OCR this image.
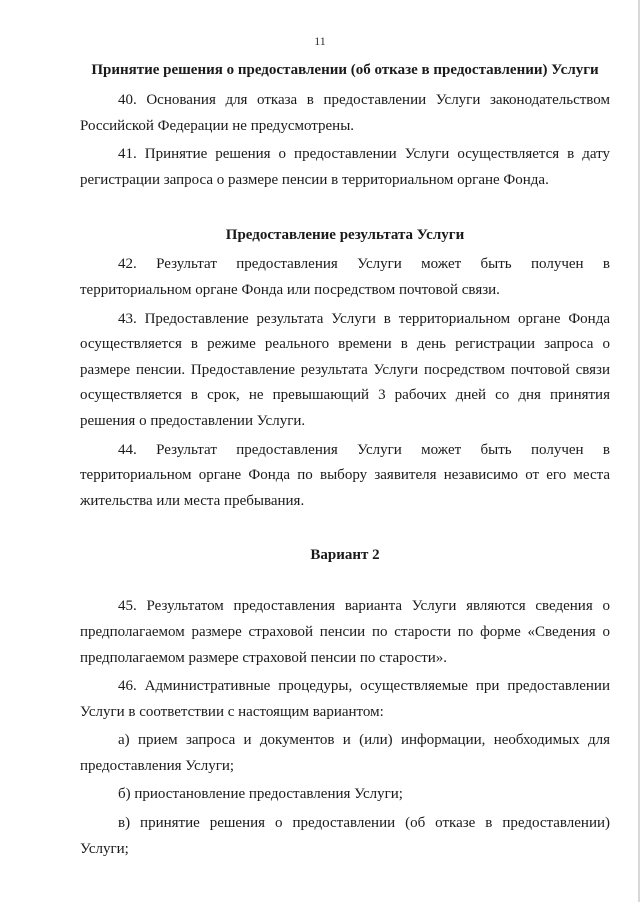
11
Принятие решения о предоставлении (об отказе в предоставлении) Услуги

40. Основания для отказа в предоставлении Услуги законодательством Российской Федерации не предусмотрены.

41. Принятие решения о предоставлении Услуги осуществляется в дату регистрации запроса о размере пенсии в территориальном органе Фонда.

Предоставление результата Услуги

42. Результат предоставления Услуги может быть получен в территориальном органе Фонда или посредством почтовой связи.

43. Предоставление результата Услуги в территориальном органе Фонда осуществляется в режиме реального времени в день регистрации запроса о размере пенсии. Предоставление результата Услуги посредством почтовой связи осуществляется в срок, не превышающий 3 рабочих дней со дня принятия решения о предоставлении Услуги.

44. Результат предоставления Услуги может быть получен в территориальном органе Фонда по выбору заявителя независимо от его места жительства или места пребывания.

Вариант 2

45. Результатом предоставления варианта Услуги являются сведения о предполагаемом размере страховой пенсии по старости по форме «Сведения о предполагаемом размере страховой пенсии по старости».

46. Административные процедуры, осуществляемые при предоставлении Услуги в соответствии с настоящим вариантом:

а) прием запроса и документов и (или) информации, необходимых для предоставления Услуги;

б) приостановление предоставления Услуги;

в) принятие решения о предоставлении (об отказе в предоставлении) Услуги;
